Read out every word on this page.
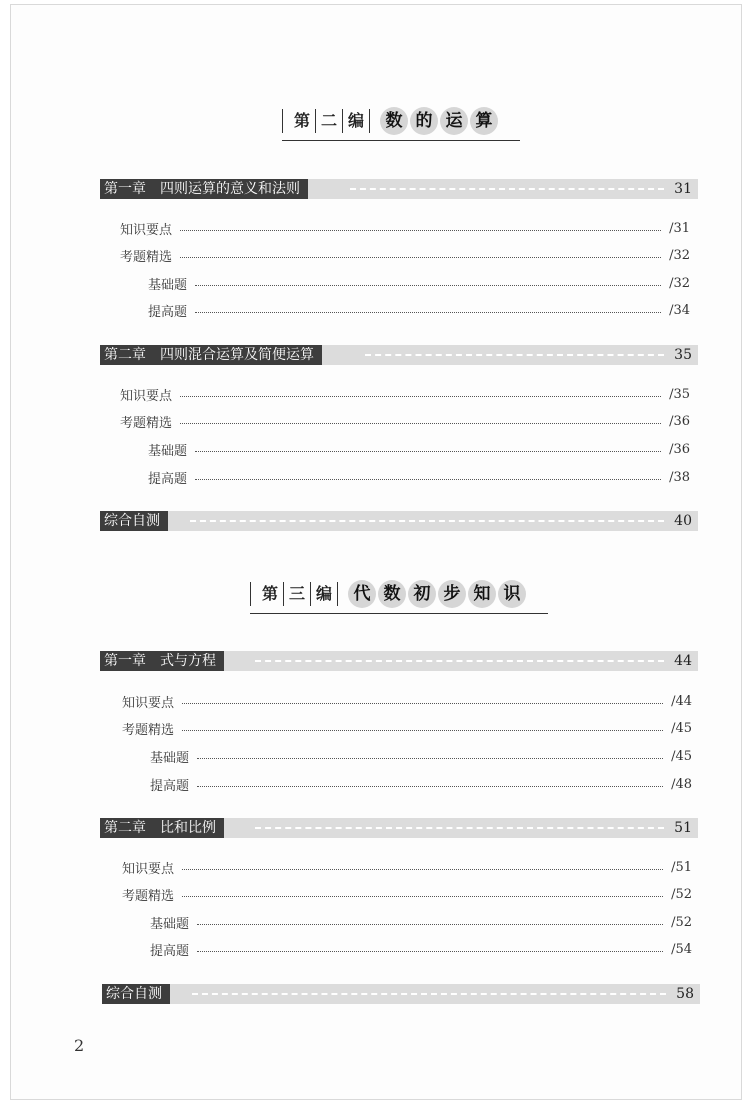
第 二 编	数 的 运 算
第一章　四则运算的意义和法则	31
知识要点	/31
考题精选	/32
基础题	/32
提高题	/34
第二章　四则混合运算及简便运算	35
知识要点	/35
考题精选	/36
基础题	/36
提高题	/38
综合自测	40
第 三 编	代 数 初 步 知 识
第一章　式与方程	44
知识要点	/44
考题精选	/45
基础题	/45
提高题	/48
第二章　比和比例	51
知识要点	/51
考题精选	/52
基础题	/52
提高题	/54
综合自测	58
2
